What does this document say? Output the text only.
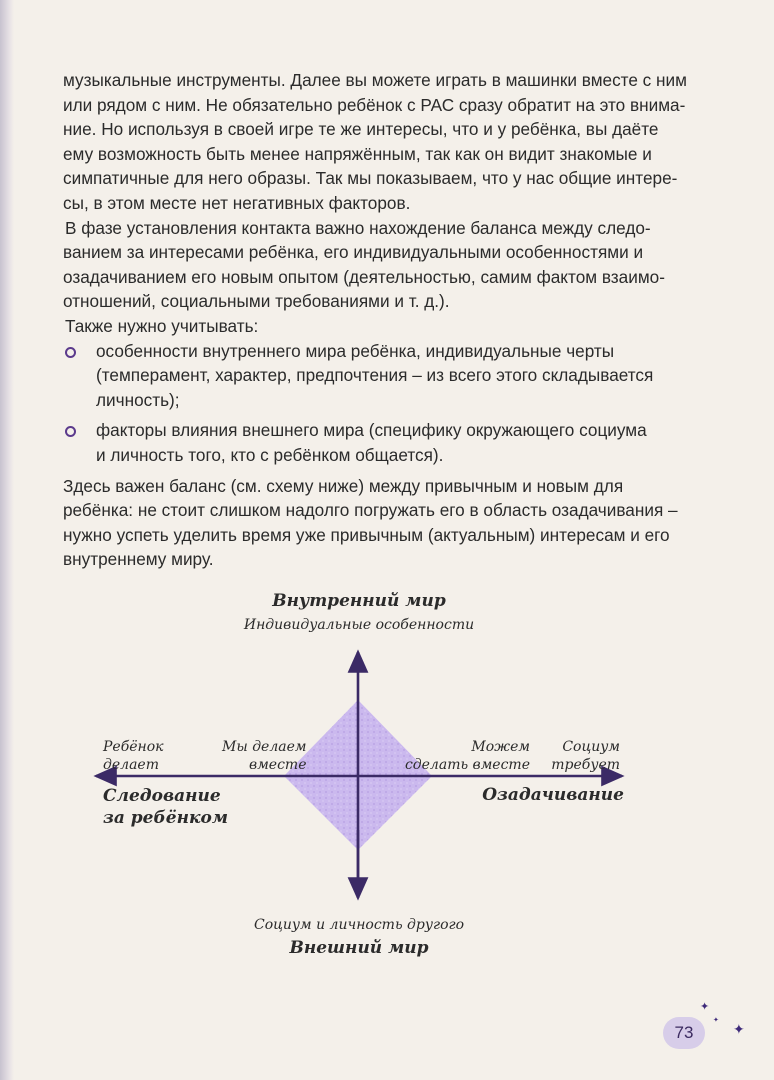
музыкальные инструменты. Далее вы можете играть в машинки вместе с ним
или рядом с ним. Не обязательно ребёнок с РАС сразу обратит на это внима-
ние. Но используя в своей игре те же интересы, что и у ребёнка, вы даёте
ему возможность быть менее напряжённым, так как он видит знакомые и
симпатичные для него образы. Так мы показываем, что у нас общие интере-
сы, в этом месте нет негативных факторов.

В фазе установления контакта важно нахождение баланса между следо-
ванием за интересами ребёнка, его индивидуальными особенностями и
озадачиванием его новым опытом (деятельностью, самим фактом взаимо-
отношений, социальными требованиями и т. д.).

Также нужно учитывать:

особенности внутреннего мира ребёнка, индивидуальные черты
(темперамент, характер, предпочтения – из всего этого складывается
личность);
факторы влияния внешнего мира (специфику окружающего социума
и личность того, кто с ребёнком общается).

Здесь важен баланс (см. схему ниже) между привычным и новым для
ребёнка: не стоит слишком надолго погружать его в область озадачивания –
нужно успеть уделить время уже привычным (актуальным) интересам и его
внутреннему миру.

Внутренний мир
Индивидуальные особенности
Ребёнок
делает
Мы делаем
вместе
Можем
сделать вместе
Социум
требует
Следование
за ребёнком
Озадачивание
Социум и личность другого
Внешний мир
✦
✦
✦
73
